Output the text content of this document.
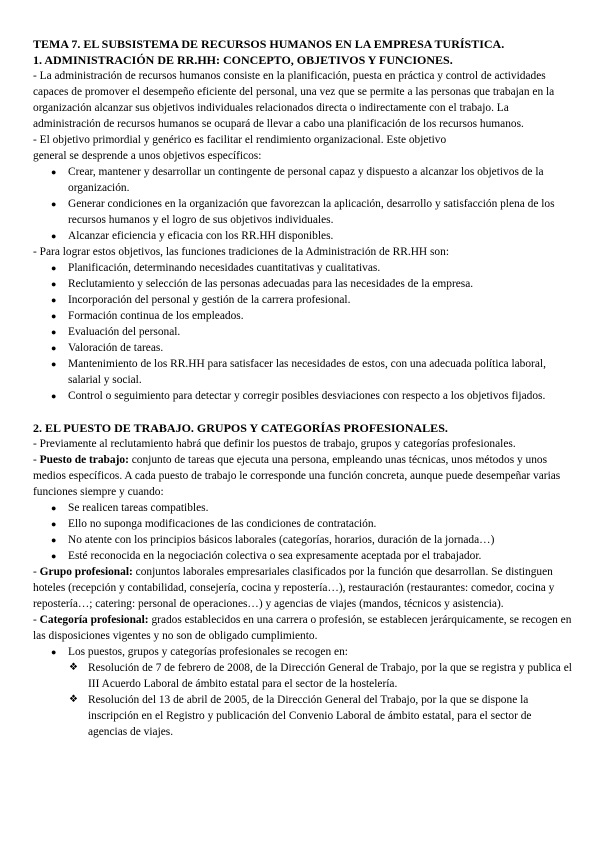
TEMA 7. EL SUBSISTEMA DE RECURSOS HUMANOS EN LA EMPRESA TURÍSTICA.

1. ADMINISTRACIÓN DE RR.HH: CONCEPTO, OBJETIVOS Y FUNCIONES.

- La administración de recursos humanos consiste en la planificación, puesta en práctica y control de actividades capaces de promover el desempeño eficiente del personal, una vez que se permite a las personas que trabajan en la organización alcanzar sus objetivos individuales relacionados directa o indirectamente con el trabajo. La administración de recursos humanos se ocupará de llevar a cabo una planificación de los recursos humanos.

- El objetivo primordial y genérico es facilitar el rendimiento organizacional. Este objetivo

general se desprende a unos objetivos específicos:

● Crear, mantener y desarrollar un contingente de personal capaz y dispuesto a alcanzar los objetivos de la organización.
● Generar condiciones en la organización que favorezcan la aplicación, desarrollo y satisfacción plena de los recursos humanos y el logro de sus objetivos individuales.
● Alcanzar eficiencia y eficacia con los RR.HH disponibles.

- Para lograr estos objetivos, las funciones tradiciones de la Administración de RR.HH son:

● Planificación, determinando necesidades cuantitativas y cualitativas.
● Reclutamiento y selección de las personas adecuadas para las necesidades de la empresa.
● Incorporación del personal y gestión de la carrera profesional.
● Formación continua de los empleados.
● Evaluación del personal.
● Valoración de tareas.
● Mantenimiento de los RR.HH para satisfacer las necesidades de estos, con una adecuada política laboral, salarial y social.
● Control o seguimiento para detectar y corregir posibles desviaciones con respecto a los objetivos fijados.

2. EL PUESTO DE TRABAJO. GRUPOS Y CATEGORÍAS PROFESIONALES.

- Previamente al reclutamiento habrá que definir los puestos de trabajo, grupos y categorías profesionales.

- Puesto de trabajo: conjunto de tareas que ejecuta una persona, empleando unas técnicas, unos métodos y unos medios específicos. A cada puesto de trabajo le corresponde una función concreta, aunque puede desempeñar varias funciones siempre y cuando:

● Se realicen tareas compatibles.
● Ello no suponga modificaciones de las condiciones de contratación.
● No atente con los principios básicos laborales (categorías, horarios, duración de la jornada…)
● Esté reconocida en la negociación colectiva o sea expresamente aceptada por el trabajador.

- Grupo profesional: conjuntos laborales empresariales clasificados por la función que desarrollan. Se distinguen hoteles (recepción y contabilidad, consejería, cocina y repostería…), restauración (restaurantes: comedor, cocina y repostería…; catering: personal de operaciones…) y agencias de viajes (mandos, técnicos y asistencia).

- Categoría profesional: grados establecidos en una carrera o profesión, se establecen jerárquicamente, se recogen en las disposiciones vigentes y no son de obligado cumplimiento.

● Los puestos, grupos y categorías profesionales se recogen en:
❖ Resolución de 7 de febrero de 2008, de la Dirección General de Trabajo, por la que se registra y publica el III Acuerdo Laboral de ámbito estatal para el sector de la hostelería.
❖ Resolución del 13 de abril de 2005, de la Dirección General del Trabajo, por la que se dispone la inscripción en el Registro y publicación del Convenio Laboral de ámbito estatal, para el sector de agencias de viajes.
